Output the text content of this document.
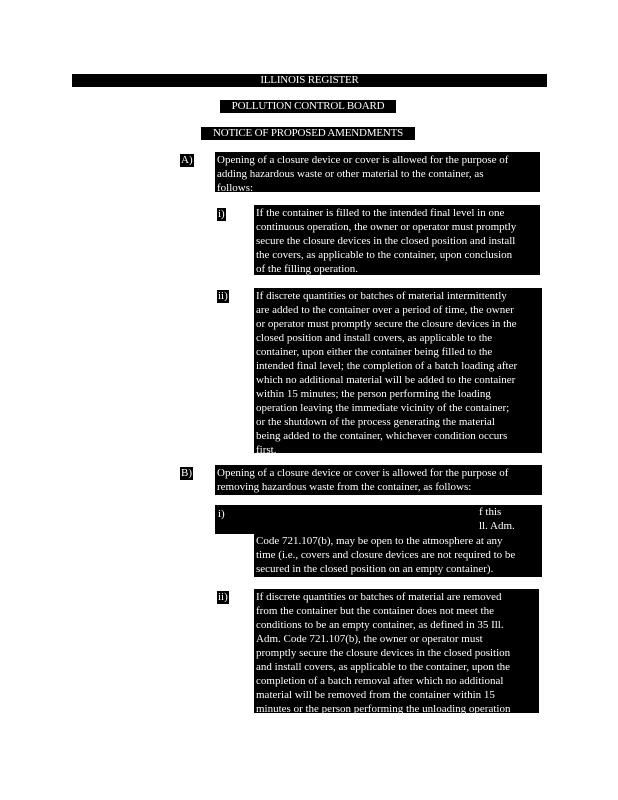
ILLINOIS REGISTER
POLLUTION CONTROL BOARD
NOTICE OF PROPOSED AMENDMENTS
A) Opening of a closure device or cover is allowed for the purpose of
adding hazardous waste or other material to the container, as
follows:
i)	If the container is filled to the intended final level in one
continuous operation, the owner or operator must promptly
secure the closure devices in the closed position and install
the covers, as applicable to the container, upon conclusion
of the filling operation.
ii)	If discrete quantities or batches of material intermittently
are added to the container over a period of time, the owner
or operator must promptly secure the closure devices in the
closed position and install covers, as applicable to the
container, upon either the container being filled to the
intended final level; the completion of a batch loading after
which no additional material will be added to the container
within 15 minutes; the person performing the loading
operation leaving the immediate vicinity of the container;
or the shutdown of the process generating the material
being added to the container, whichever condition occurs
first.
B) Opening of a closure device or cover is allowed for the purpose of
removing hazardous waste from the container, as follows:
i)	f this
ll. Adm.
Code 721.107(b), may be open to the atmosphere at any
time (i.e., covers and closure devices are not required to be
secured in the closed position on an empty container).
ii)	If discrete quantities or batches of material are removed
from the container but the container does not meet the
conditions to be an empty container, as defined in 35 Ill.
Adm. Code 721.107(b), the owner or operator must
promptly secure the closure devices in the closed position
and install covers, as applicable to the container, upon the
completion of a batch removal after which no additional
material will be removed from the container within 15
minutes or the person performing the unloading operation
